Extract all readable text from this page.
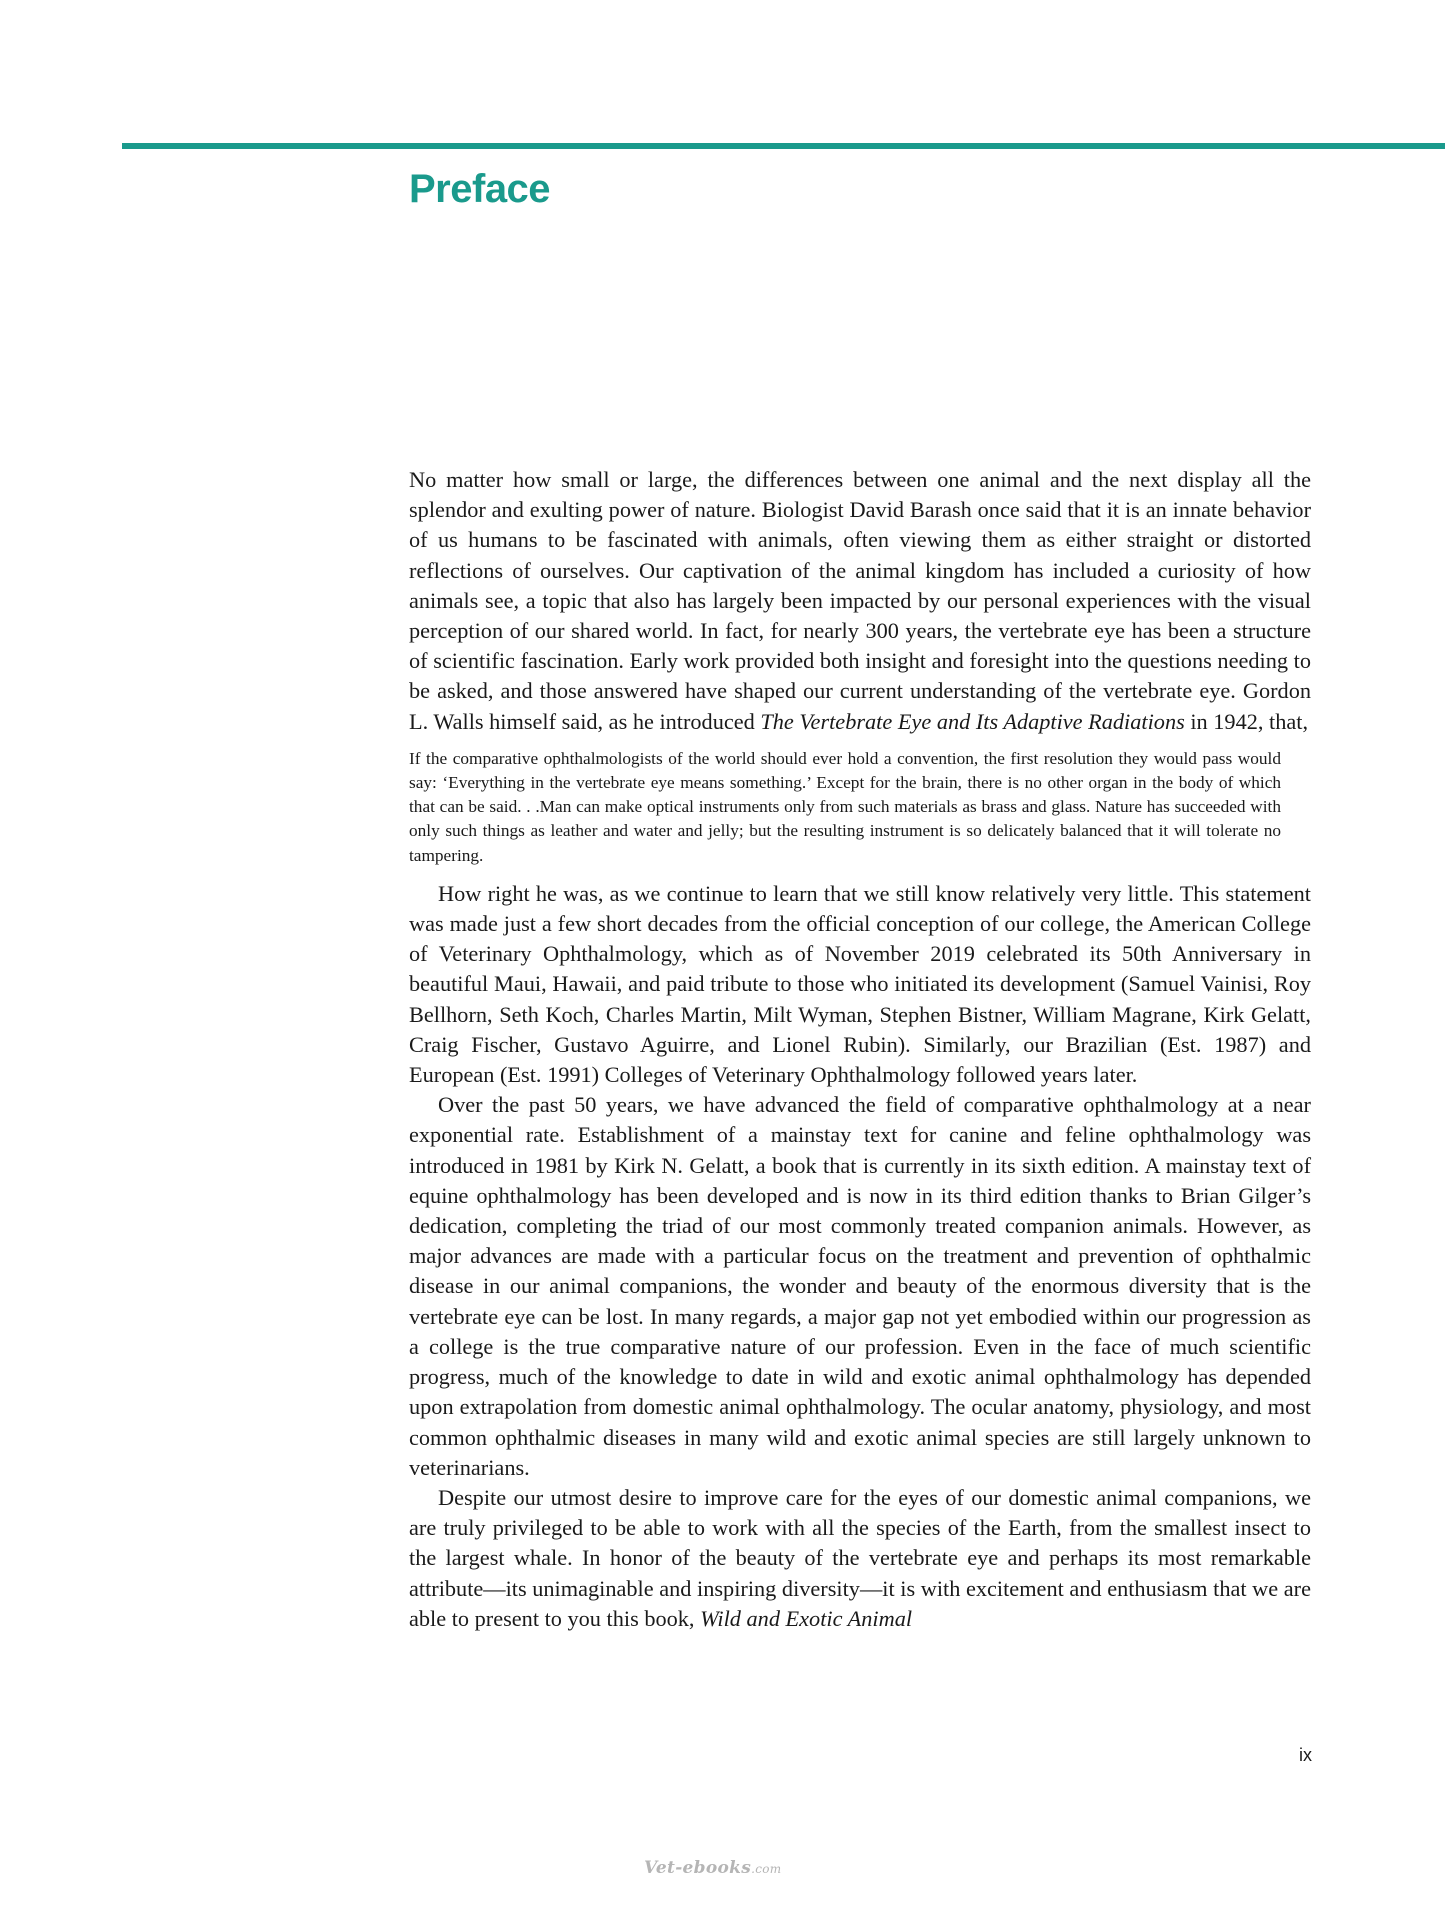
Preface

No matter how small or large, the differences between one animal and the next display all the splendor and exulting power of nature. Biologist David Barash once said that it is an innate behavior of us humans to be fascinated with animals, often viewing them as either straight or distorted reflections of ourselves. Our captivation of the animal kingdom has included a curiosity of how animals see, a topic that also has largely been impacted by our personal experiences with the visual perception of our shared world. In fact, for nearly 300 years, the vertebrate eye has been a structure of scientific fascination. Early work provided both insight and foresight into the questions needing to be asked, and those answered have shaped our current understanding of the vertebrate eye. Gordon L. Walls himself said, as he introduced The Vertebrate Eye and Its Adaptive Radiations in 1942, that,

If the comparative ophthalmologists of the world should ever hold a convention, the first resolution they would pass would say: ‘Everything in the vertebrate eye means something.’ Except for the brain, there is no other organ in the body of which that can be said. . .Man can make optical instruments only from such materials as brass and glass. Nature has succeeded with only such things as leather and water and jelly; but the resulting instrument is so delicately balanced that it will tolerate no tampering.

How right he was, as we continue to learn that we still know relatively very little. This statement was made just a few short decades from the official conception of our college, the American College of Veterinary Ophthalmology, which as of November 2019 celebrated its 50th Anniversary in beautiful Maui, Hawaii, and paid tribute to those who initiated its development (Samuel Vainisi, Roy Bellhorn, Seth Koch, Charles Martin, Milt Wyman, Stephen Bistner, William Magrane, Kirk Gelatt, Craig Fischer, Gustavo Aguirre, and Lionel Rubin). Similarly, our Brazilian (Est. 1987) and European (Est. 1991) Colleges of Veterinary Ophthalmology followed years later.

Over the past 50 years, we have advanced the field of comparative ophthalmology at a near exponential rate. Establishment of a mainstay text for canine and feline ophthalmology was introduced in 1981 by Kirk N. Gelatt, a book that is currently in its sixth edition. A mainstay text of equine ophthalmology has been developed and is now in its third edition thanks to Brian Gilger’s dedication, completing the triad of our most commonly treated companion animals. However, as major advances are made with a particular focus on the treatment and prevention of ophthalmic disease in our animal companions, the wonder and beauty of the enormous diversity that is the vertebrate eye can be lost. In many regards, a major gap not yet embodied within our progression as a college is the true comparative nature of our profession. Even in the face of much scientific progress, much of the knowledge to date in wild and exotic animal ophthalmology has depended upon extrapolation from domestic animal ophthalmology. The ocular anatomy, physiology, and most common ophthalmic diseases in many wild and exotic animal species are still largely unknown to veterinarians.

Despite our utmost desire to improve care for the eyes of our domestic animal companions, we are truly privileged to be able to work with all the species of the Earth, from the smallest insect to the largest whale. In honor of the beauty of the vertebrate eye and perhaps its most remarkable attribute—its unimaginable and inspiring diversity—it is with excitement and enthusiasm that we are able to present to you this book, Wild and Exotic Animal

ix

Vet-ebooks.com
